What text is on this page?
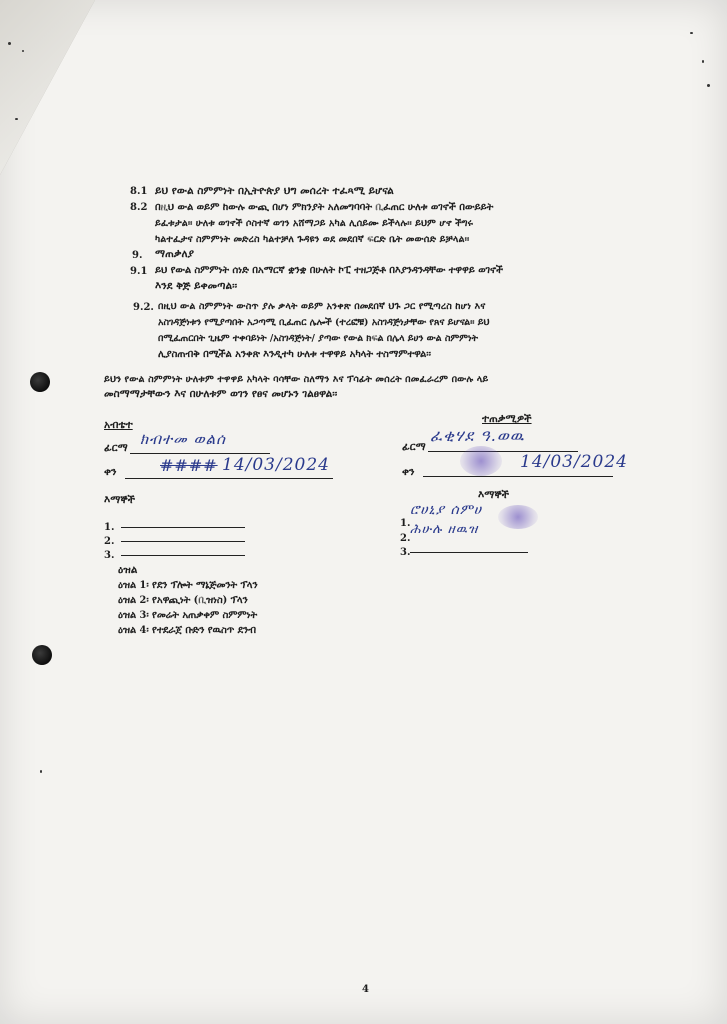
8.1 ይህ የውል ስምምነት በኢትዮጵያ ህግ መሰረት ተፈጻሚ ይሆናል
8.2 በዚህ ውል ወይም ከውሉ ውጪ በሆነ ምክንያት አለመግባባት ቢፈጠር ሁለቱ ወገኖች በውይይት
ይፈቱታል፡፡ ሁለቱ ወገኖች ሶስተኛ ወገን አሸማጋይ አካል ሊሰይሙ ይችላሉ፡፡ ይህም ሆኖ ችግሩ
ካልተፈታና ስምምነት መድረስ ካልተቻለ ጉዳዩን ወደ መደበኛ ፍርድ ቤት መውሰድ ይቻላል፡፡
9. ማጠቃለያ
9.1 ይህ የውል ስምምነት ሰነድ በአማርኛ ቋንቋ በሁለት ኮፒ ተዘጋጅቶ በእያንዳንዳቸው ተዋዋይ ወገኖች
እንደ ቅጅ ይቀመጣል፡፡
9.2. በዚህ ውል ስምምነት ውስጥ ያሉ ቃላት ወይም አንቀጽ በመደበኛ ህጉ ጋር የሚጣረስ ከሆነ እና
አስገዳጅነቱን የሚያጣበት አጋጣሚ ቢፈጠር ሌሎች (ተረፎቹ) አስገዳጅነታቸው የጸና ይሆናል፡፡ ይህ
በሚፈጠርበት ጊዜም ተቀባይነት /አስገዳጅነት/ ያጣው የውል ክፍል በሌላ ይሀን ውል ስምምነት
ሊያስጠብቅ በሚችል አንቀጽ እንዲተካ ሁለቱ ተዋዋይ አካላት ተስማምተዋል፡፡
ይህን የውል ስምምነት ሁለቱም ተዋዋይ አካላት ባሳቸው ስለማን እና ፕሳፊት መሰረት በመፈራረም በውሉ ላይ
መስማማታቸውን እና በሁለቱም ወገን የፀና መሆኑን ገልፀዋል፡፡
አብቴተ
ፊርማ ክብተመ ወልሰ
ቀን	#### 14/03/2024
ተጠቃሚዎች
ፊርማ
ፈቂሃደ ዓ.ወዉ
ቀን	14/03/2024
እማኞች
1.
2.
3.
እማኞች
1.
ሮሀኒያ ሰምሀ
2.
ሕሁሉ ዘዉዝ
3.
ዕዝል
ዕዝል 1፡ የደን ፕሎት ማኔጅመንት ፕላን
ዕዝል 2፡ የአዋጪነት (ቢዝነስ) ፕላን
ዕዝል 3፡ የመሬት አጠቃቀም ስምምነት
ዕዝል 4፡ የተደራጀ ቡድን የዉስጥ ደንብ
4
